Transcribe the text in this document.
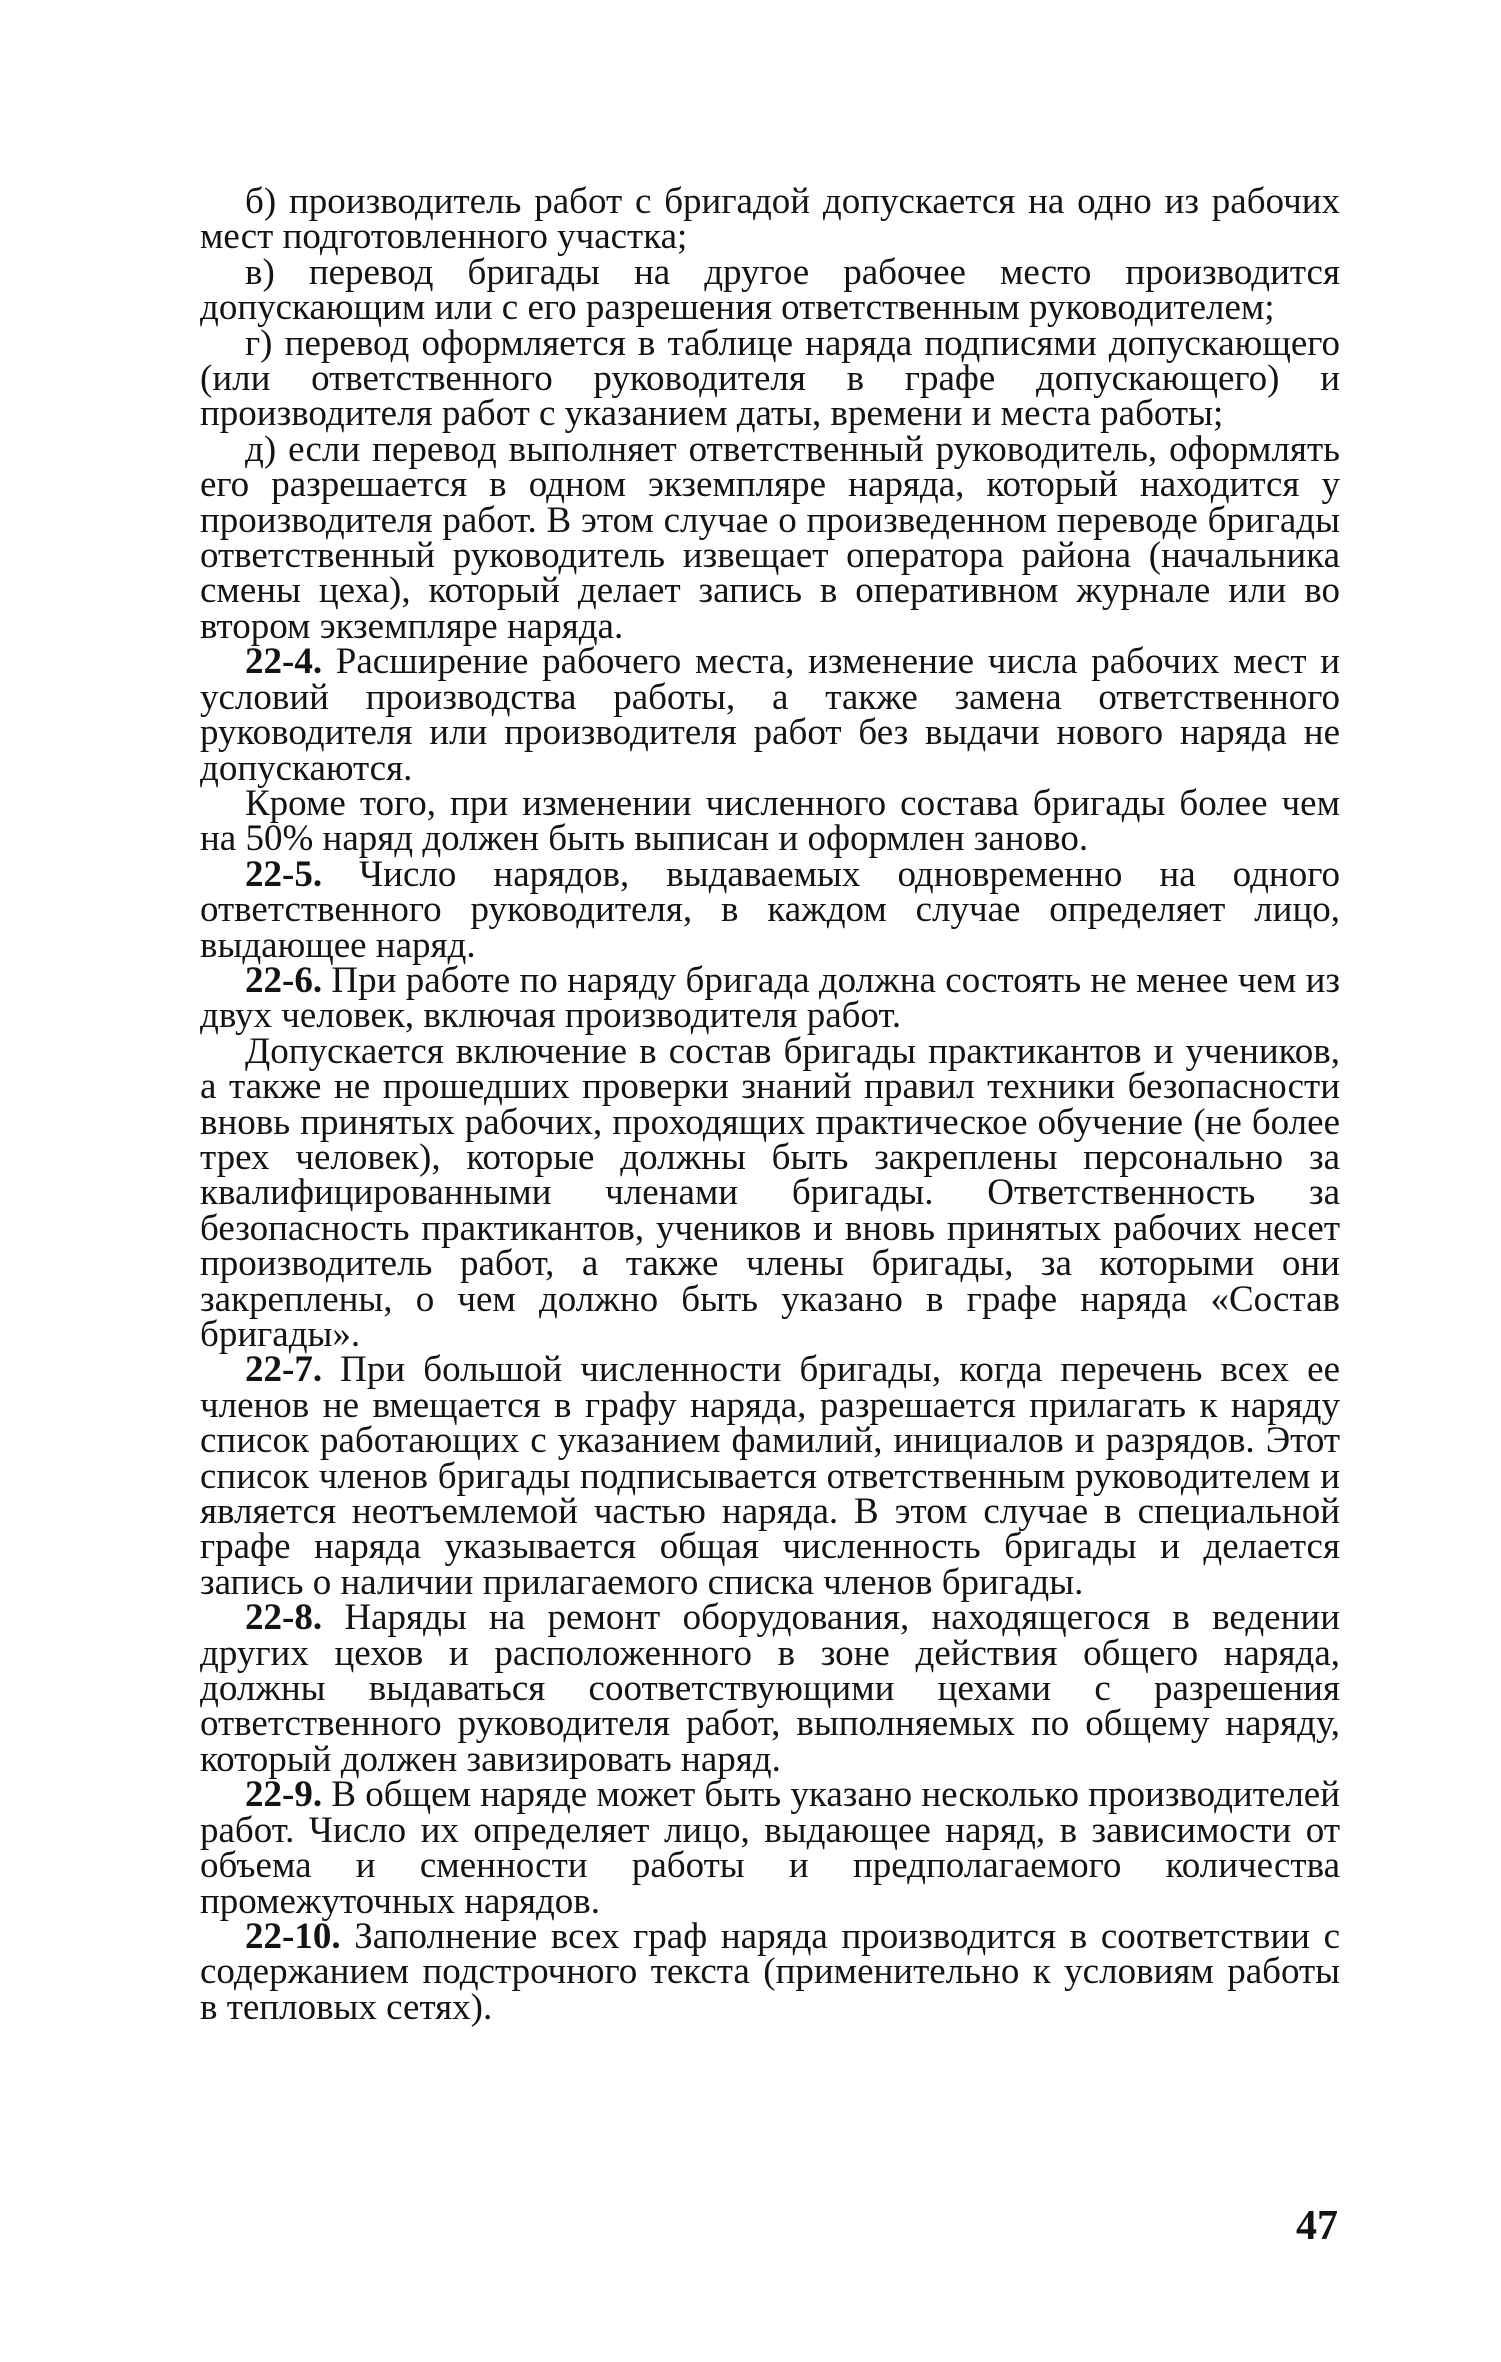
б) производитель работ с бригадой допускается на одно из рабочих мест подготовленного участка;

в) перевод бригады на другое рабочее место производится допускающим или с его разрешения ответственным руководителем;

г) перевод оформляется в таблице наряда подписями допускающего (или ответственного руководителя в графе допускающего) и производителя работ с указанием даты, времени и места работы;

д) если перевод выполняет ответственный руководитель, оформлять его разрешается в одном экземпляре наряда, который находится у производителя работ. В этом случае о произведенном переводе бригады ответственный руководитель извещает оператора района (начальника смены цеха), который делает запись в оперативном журнале или во втором экземпляре наряда.

22-4. Расширение рабочего места, изменение числа рабочих мест и условий производства работы, а также замена ответственного руководителя или производителя работ без выдачи нового наряда не допускаются.

Кроме того, при изменении численного состава бригады более чем на 50% наряд должен быть выписан и оформлен заново.

22-5. Число нарядов, выдаваемых одновременно на одного ответственного руководителя, в каждом случае определяет лицо, выдающее наряд.

22-6. При работе по наряду бригада должна состоять не менее чем из двух человек, включая производителя работ.

Допускается включение в состав бригады практикантов и учеников, а также не прошедших проверки знаний правил техники безопасности вновь принятых рабочих, проходящих практическое обучение (не более трех человек), которые должны быть закреплены персонально за квалифицированными членами бригады. Ответственность за безопасность практикантов, учеников и вновь принятых рабочих несет производитель работ, а также члены бригады, за которыми они закреплены, о чем должно быть указано в графе наряда «Состав бригады».

22-7. При большой численности бригады, когда перечень всех ее членов не вмещается в графу наряда, разрешается прилагать к наряду список работающих с указанием фамилий, инициалов и разрядов. Этот список членов бригады подписывается ответственным руководителем и является неотъемлемой частью наряда. В этом случае в специальной графе наряда указывается общая численность бригады и делается запись о наличии прилагаемого списка членов бригады.

22-8. Наряды на ремонт оборудования, находящегося в ведении других цехов и расположенного в зоне действия общего наряда, должны выдаваться соответствующими цехами с разрешения ответственного руководителя работ, выполняемых по общему наряду, который должен завизировать наряд.

22-9. В общем наряде может быть указано несколько производителей работ. Число их определяет лицо, выдающее наряд, в зависимости от объема и сменности работы и предполагаемого количества промежуточных нарядов.

22-10. Заполнение всех граф наряда производится в соответствии с содержанием подстрочного текста (применительно к условиям работы в тепловых сетях).

47
